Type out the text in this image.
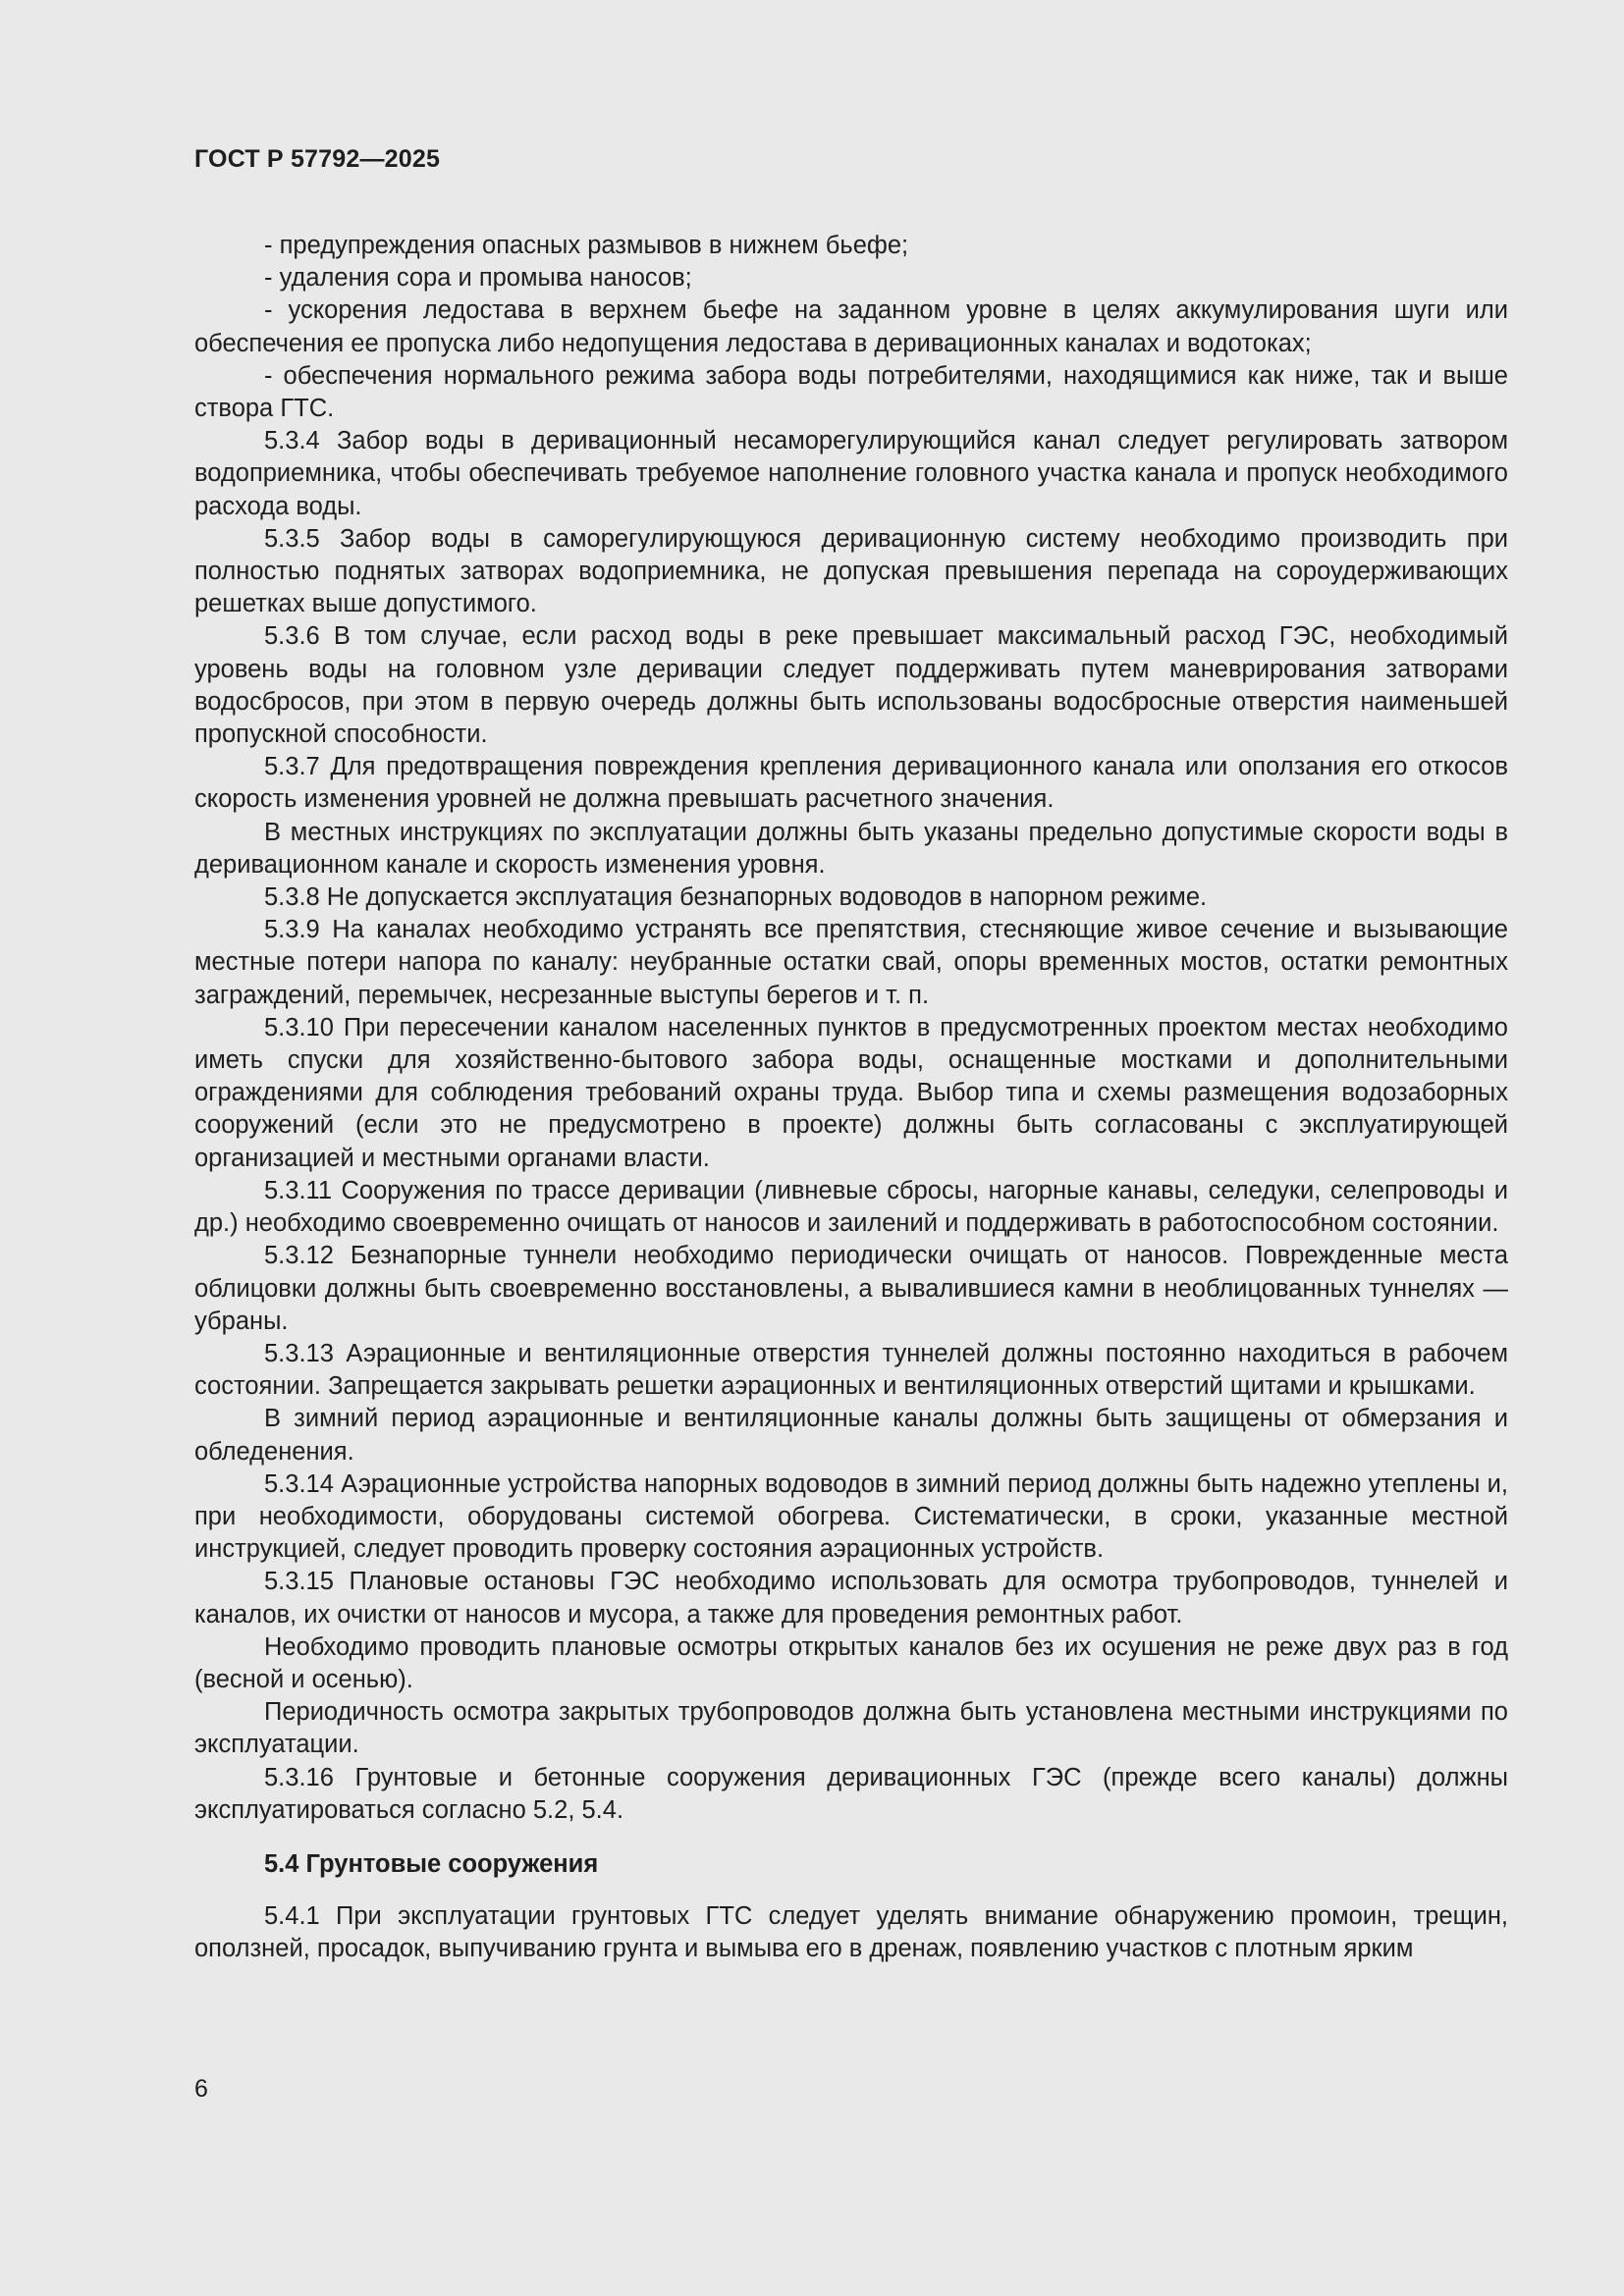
ГОСТ Р 57792—2025

- предупреждения опасных размывов в нижнем бьефе;

- удаления сора и промыва наносов;

- ускорения ледостава в верхнем бьефе на заданном уровне в целях аккумулирования шуги или обеспечения ее пропуска либо недопущения ледостава в деривационных каналах и водотоках;

- обеспечения нормального режима забора воды потребителями, находящимися как ниже, так и выше створа ГТС.

5.3.4 Забор воды в деривационный несаморегулирующийся канал следует регулировать затвором водоприемника, чтобы обеспечивать требуемое наполнение головного участка канала и пропуск необходимого расхода воды.

5.3.5 Забор воды в саморегулирующуюся деривационную систему необходимо производить при полностью поднятых затворах водоприемника, не допуская превышения перепада на сороудерживающих решетках выше допустимого.

5.3.6 В том случае, если расход воды в реке превышает максимальный расход ГЭС, необходимый уровень воды на головном узле деривации следует поддерживать путем маневрирования затворами водосбросов, при этом в первую очередь должны быть использованы водосбросные отверстия наименьшей пропускной способности.

5.3.7 Для предотвращения повреждения крепления деривационного канала или оползания его откосов скорость изменения уровней не должна превышать расчетного значения.

В местных инструкциях по эксплуатации должны быть указаны предельно допустимые скорости воды в деривационном канале и скорость изменения уровня.

5.3.8 Не допускается эксплуатация безнапорных водоводов в напорном режиме.

5.3.9 На каналах необходимо устранять все препятствия, стесняющие живое сечение и вызывающие местные потери напора по каналу: неубранные остатки свай, опоры временных мостов, остатки ремонтных заграждений, перемычек, несрезанные выступы берегов и т. п.

5.3.10 При пересечении каналом населенных пунктов в предусмотренных проектом местах необходимо иметь спуски для хозяйственно-бытового забора воды, оснащенные мостками и дополнительными ограждениями для соблюдения требований охраны труда. Выбор типа и схемы размещения водозаборных сооружений (если это не предусмотрено в проекте) должны быть согласованы с эксплуатирующей организацией и местными органами власти.

5.3.11 Сооружения по трассе деривации (ливневые сбросы, нагорные канавы, селедуки, селепроводы и др.) необходимо своевременно очищать от наносов и заилений и поддерживать в работоспособном состоянии.

5.3.12 Безнапорные туннели необходимо периодически очищать от наносов. Поврежденные места облицовки должны быть своевременно восстановлены, а вывалившиеся камни в необлицованных туннелях — убраны.

5.3.13 Аэрационные и вентиляционные отверстия туннелей должны постоянно находиться в рабочем состоянии. Запрещается закрывать решетки аэрационных и вентиляционных отверстий щитами и крышками.

В зимний период аэрационные и вентиляционные каналы должны быть защищены от обмерзания и обледенения.

5.3.14 Аэрационные устройства напорных водоводов в зимний период должны быть надежно утеплены и, при необходимости, оборудованы системой обогрева. Систематически, в сроки, указанные местной инструкцией, следует проводить проверку состояния аэрационных устройств.

5.3.15 Плановые остановы ГЭС необходимо использовать для осмотра трубопроводов, туннелей и каналов, их очистки от наносов и мусора, а также для проведения ремонтных работ.

Необходимо проводить плановые осмотры открытых каналов без их осушения не реже двух раз в год (весной и осенью).

Периодичность осмотра закрытых трубопроводов должна быть установлена местными инструкциями по эксплуатации.

5.3.16 Грунтовые и бетонные сооружения деривационных ГЭС (прежде всего каналы) должны эксплуатироваться согласно 5.2, 5.4.

5.4 Грунтовые сооружения

5.4.1 При эксплуатации грунтовых ГТС следует уделять внимание обнаружению промоин, трещин, оползней, просадок, выпучиванию грунта и вымыва его в дренаж, появлению участков с плотным ярким

6
